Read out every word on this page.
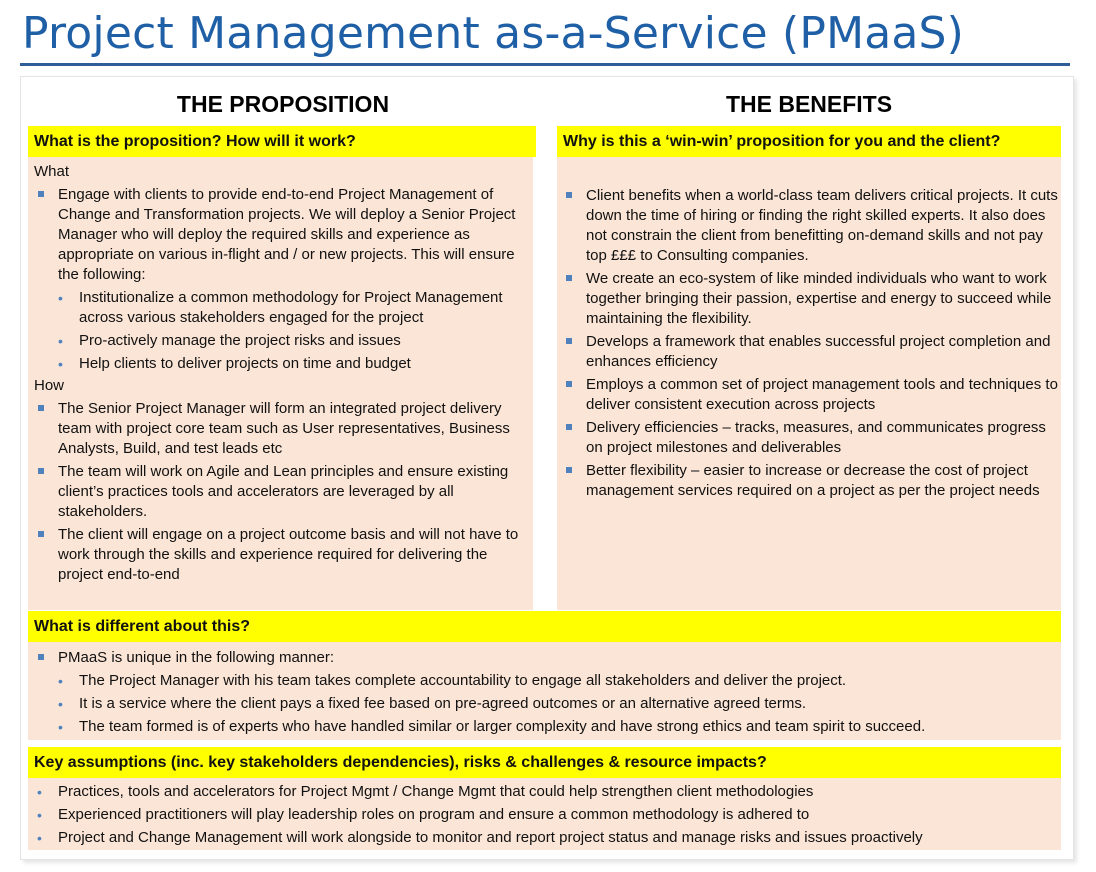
Project Management as-a-Service (PMaaS)
THE PROPOSITION	THE BENEFITS
What is the proposition? How will it work?
What
Engage with clients to provide end-to-end Project Management of Change and Transformation projects. We will deploy a Senior Project Manager who will deploy the required skills and experience as appropriate on various in-flight and / or new projects. This will ensure the following:
• Institutionalize a common methodology for Project Management across various stakeholders engaged for the project
• Pro-actively manage the project risks and issues
• Help clients to deliver projects on time and budget
How
The Senior Project Manager will form an integrated project delivery team with project core team such as User representatives, Business Analysts, Build, and test leads etc
The team will work on Agile and Lean principles and ensure existing client’s practices tools and accelerators are leveraged by all stakeholders.
The client will engage on a project outcome basis and will not have to work through the skills and experience required for delivering the project end-to-end
Why is this a ‘win-win’ proposition for you and the client?
Client benefits when a world-class team delivers critical projects. It cuts down the time of hiring or finding the right skilled experts. It also does not constrain the client from benefitting on-demand skills and not pay top £££ to Consulting companies.
We create an eco-system of like minded individuals who want to work together bringing their passion, expertise and energy to succeed while maintaining the flexibility.
Develops a framework that enables successful project completion and enhances efficiency
Employs a common set of project management tools and techniques to deliver consistent execution across projects
Delivery efficiencies – tracks, measures, and communicates progress on project milestones and deliverables
Better flexibility – easier to increase or decrease the cost of project management services required on a project as per the project needs
What is different about this?
PMaaS is unique in the following manner:
• The Project Manager with his team takes complete accountability to engage all stakeholders and deliver the project.
• It is a service where the client pays a fixed fee based on pre-agreed outcomes or an alternative agreed terms.
• The team formed is of experts who have handled similar or larger complexity and have strong ethics and team spirit to succeed.
Key assumptions (inc. key stakeholders dependencies), risks & challenges & resource impacts?
• Practices, tools and accelerators for Project Mgmt / Change Mgmt that could help strengthen client methodologies
• Experienced practitioners will play leadership roles on program and ensure a common methodology is adhered to
• Project and Change Management will work alongside to monitor and report project status and manage risks and issues proactively
